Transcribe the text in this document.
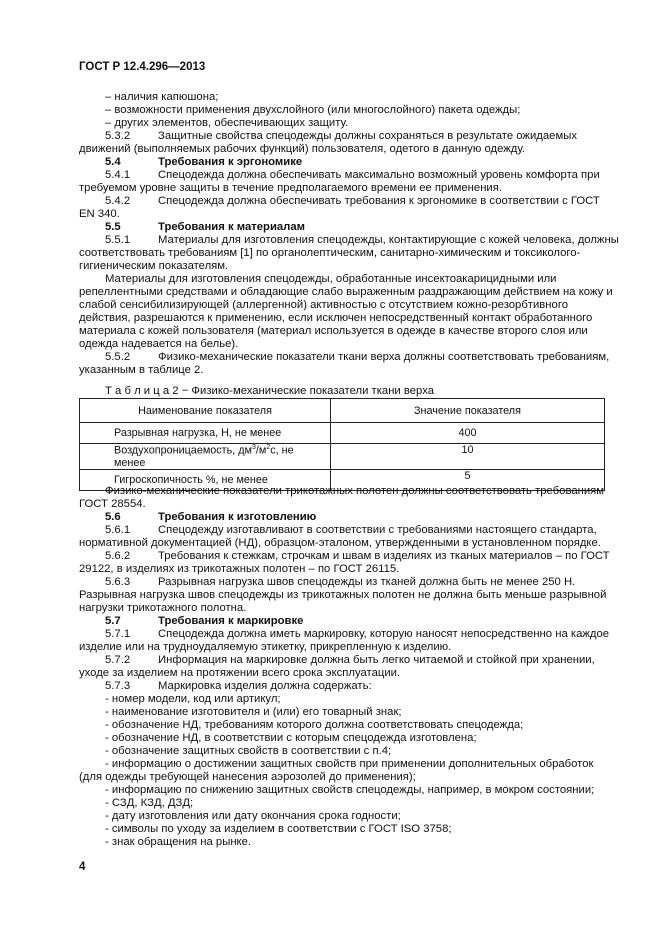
ГОСТ Р 12.4.296—2013
– наличия капюшона;
– возможности применения двухслойного (или многослойного) пакета одежды;
– других элементов, обеспечивающих защиту.
5.3.2 Защитные свойства спецодежды должны сохраняться в результате ожидаемых
движений (выполняемых рабочих функций) пользователя, одетого в данную одежду.
5.4	Требования к эргономике
5.4.1 Спецодежда должна обеспечивать максимально возможный уровень комфорта при
требуемом уровне защиты в течение предполагаемого времени ее применения.
5.4.2 Спецодежда должна обеспечивать требования к эргономике в соответствии с ГОСТ
EN 340.
5.5	Требования к материалам
5.5.1 Материалы для изготовления спецодежды, контактирующие с кожей человека, должны
соответствовать требованиям [1] по органолептическим, санитарно-химическим и токсиколого-
гигиеническим показателям.
Материалы для изготовления спецодежды, обработанные инсектоакарицидными или
репеллентными средствами и обладающие слабо выраженным раздражающим действием на кожу и
слабой сенсибилизирующей (аллергенной) активностью с отсутствием кожно-резорбтивного
действия, разрешаются к применению, если исключен непосредственный контакт обработанного
материала с кожей пользователя (материал используется в одежде в качестве второго слоя или
одежда надевается на белье).
5.5.2 Физико-механические показатели ткани верха должны соответствовать требованиям,
указанным в таблице 2.
Т а б л и ц а 2 − Физико-механические показатели ткани верха
Наименование показателя	Значение показателя
Разрывная нагрузка, Н, не менее	400
Воздухопроницаемость, $дм^3/м^2с$, не менее	10
Гигроскопичность %, не менее	5
Физико-механические показатели трикотажных полотен должны соответствовать требованиям
ГОСТ 28554.
5.6	Требования к изготовлению
5.6.1 Спецодежду изготавливают в соответствии с требованиями настоящего стандарта,
нормативной документацией (НД), образцом-эталоном, утвержденными в установленном порядке.
5.6.2 Требования к стежкам, строчкам и швам в изделиях из тканых материалов – по ГОСТ
29122, в изделиях из трикотажных полотен – по ГОСТ 26115.
5.6.3 Разрывная нагрузка швов спецодежды из тканей должна быть не менее 250 Н.
Разрывная нагрузка швов спецодежды из трикотажных полотен не должна быть меньше разрывной
нагрузки трикотажного полотна.
5.7	Требования к маркировке
5.7.1 Спецодежда должна иметь маркировку, которую наносят непосредственно на каждое
изделие или на трудноудаляемую этикетку, прикрепленную к изделию.
5.7.2 Информация на маркировке должна быть легко читаемой и стойкой при хранении,
уходе за изделием на протяжении всего срока эксплуатации.
5.7.3 Маркировка изделия должна содержать:
- номер модели, код или артикул;
- наименование изготовителя и (или) его товарный знак;
- обозначение НД, требованиям которого должна соответствовать спецодежда;
- обозначение НД, в соответствии с которым спецодежда изготовлена;
- обозначение защитных свойств в соответствии с п.4;
- информацию о достижении защитных свойств при применении дополнительных обработок
(для одежды требующей нанесения аэрозолей до применения);
- информацию по снижению защитных свойств спецодежды, например, в мокром состоянии;
- СЗД, КЗД, ДЗД;
- дату изготовления или дату окончания срока годности;
- символы по уходу за изделием в соответствии с ГОСТ ISO 3758;
- знак обращения на рынке.
4
